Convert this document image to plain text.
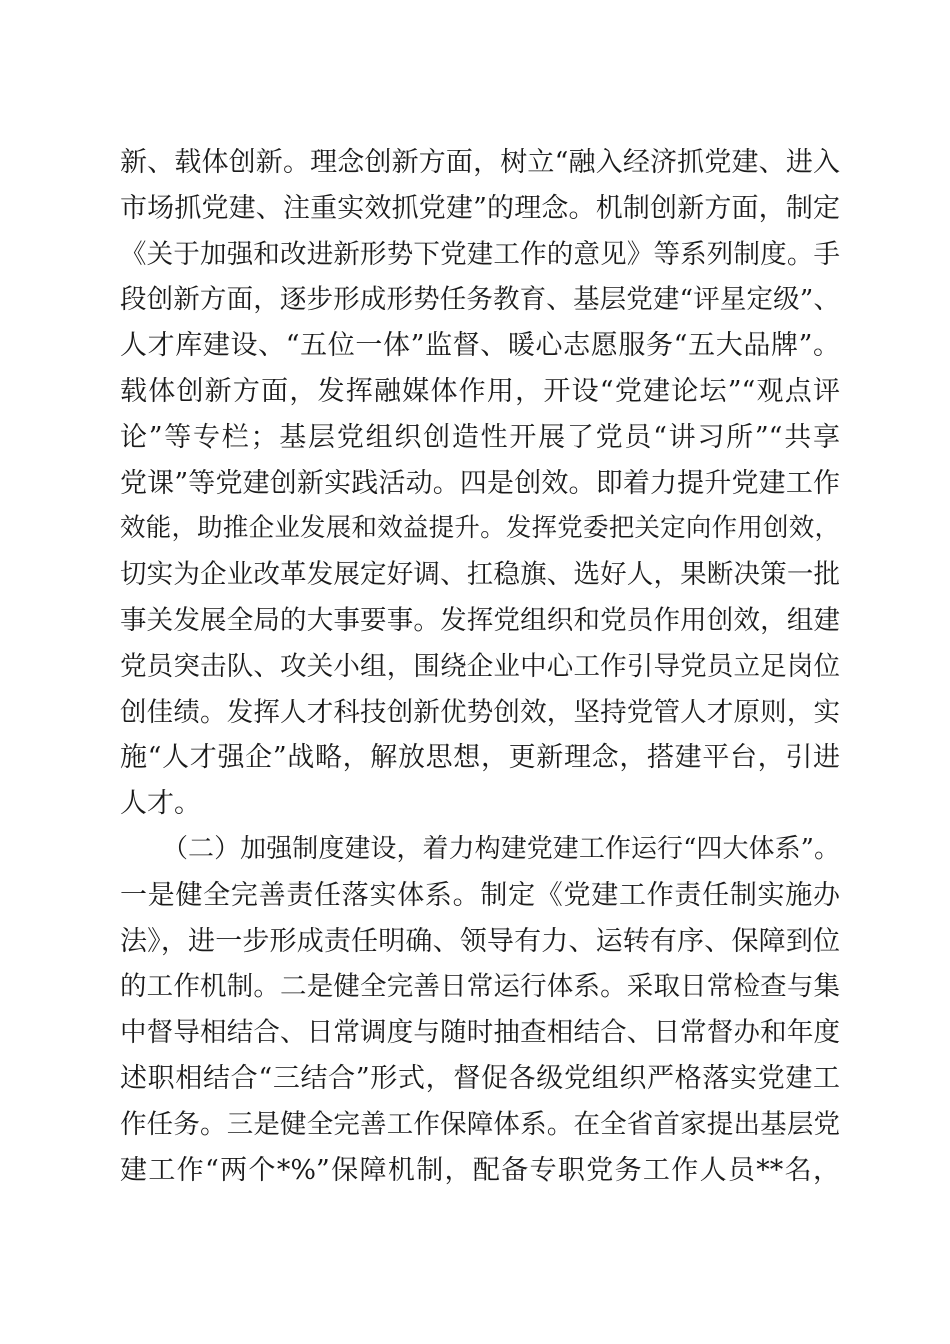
新、载体创新。理念创新方面，树立“融入经济抓党建、进入
市场抓党建、注重实效抓党建”的理念。机制创新方面，制定
《关于加强和改进新形势下党建工作的意见》等系列制度。手
段创新方面，逐步形成形势任务教育、基层党建“评星定级”、
人才库建设、“五位一体”监督、暖心志愿服务“五大品牌”。
载体创新方面，发挥融媒体作用，开设“党建论坛”“观点评
论”等专栏；基层党组织创造性开展了党员“讲习所”“共享
党课”等党建创新实践活动。四是创效。即着力提升党建工作
效能，助推企业发展和效益提升。发挥党委把关定向作用创效，
切实为企业改革发展定好调、扛稳旗、选好人，果断决策一批
事关发展全局的大事要事。发挥党组织和党员作用创效，组建
党员突击队、攻关小组，围绕企业中心工作引导党员立足岗位
创佳绩。发挥人才科技创新优势创效，坚持党管人才原则，实
施“人才强企”战略，解放思想，更新理念，搭建平台，引进
人才。
（二）加强制度建设，着力构建党建工作运行“四大体系”。
一是健全完善责任落实体系。制定《党建工作责任制实施办
法》，进一步形成责任明确、领导有力、运转有序、保障到位
的工作机制。二是健全完善日常运行体系。采取日常检查与集
中督导相结合、日常调度与随时抽查相结合、日常督办和年度
述职相结合“三结合”形式，督促各级党组织严格落实党建工
作任务。三是健全完善工作保障体系。在全省首家提出基层党
建工作“两个*%”保障机制，配备专职党务工作人员**名，
